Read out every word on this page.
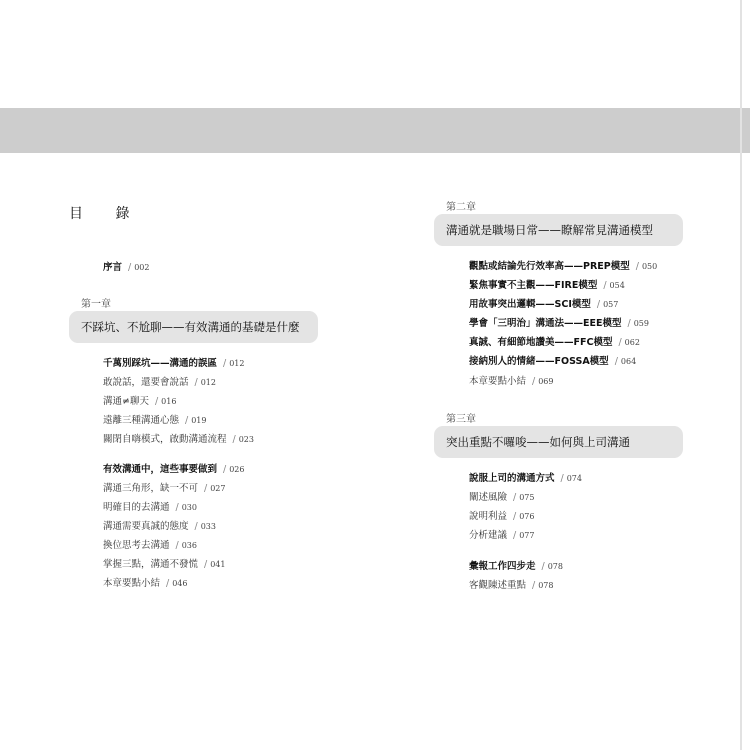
目 錄
序言 / 002
第一章
不踩坑、不尬聊——有效溝通的基礎是什麼
千萬別踩坑——溝通的誤區 / 012
敢說話，還要會說話 / 012
溝通≠聊天 / 016
遠離三種溝通心態 / 019
關閉自嗨模式，啟動溝通流程 / 023
有效溝通中，這些事要做到 / 026
溝通三角形，缺一不可 / 027
明確目的去溝通 / 030
溝通需要真誠的態度 / 033
換位思考去溝通 / 036
掌握三點，溝通不發慌 / 041
本章要點小結 / 046
第二章
溝通就是職場日常——瞭解常見溝通模型
觀點或結論先行效率高——PREP模型 / 050
緊焦事實不主觀——FIRE模型 / 054
用故事突出邏輯——SCI模型 / 057
學會「三明治」溝通法——EEE模型 / 059
真誠、有細節地讚美——FFC模型 / 062
接納別人的情緒——FOSSA模型 / 064
本章要點小結 / 069
第三章
突出重點不囉唆——如何與上司溝通
說服上司的溝通方式 / 074
闡述風險 / 075
說明利益 / 076
分析建議 / 077
彙報工作四步走 / 078
客觀陳述重點 / 078
